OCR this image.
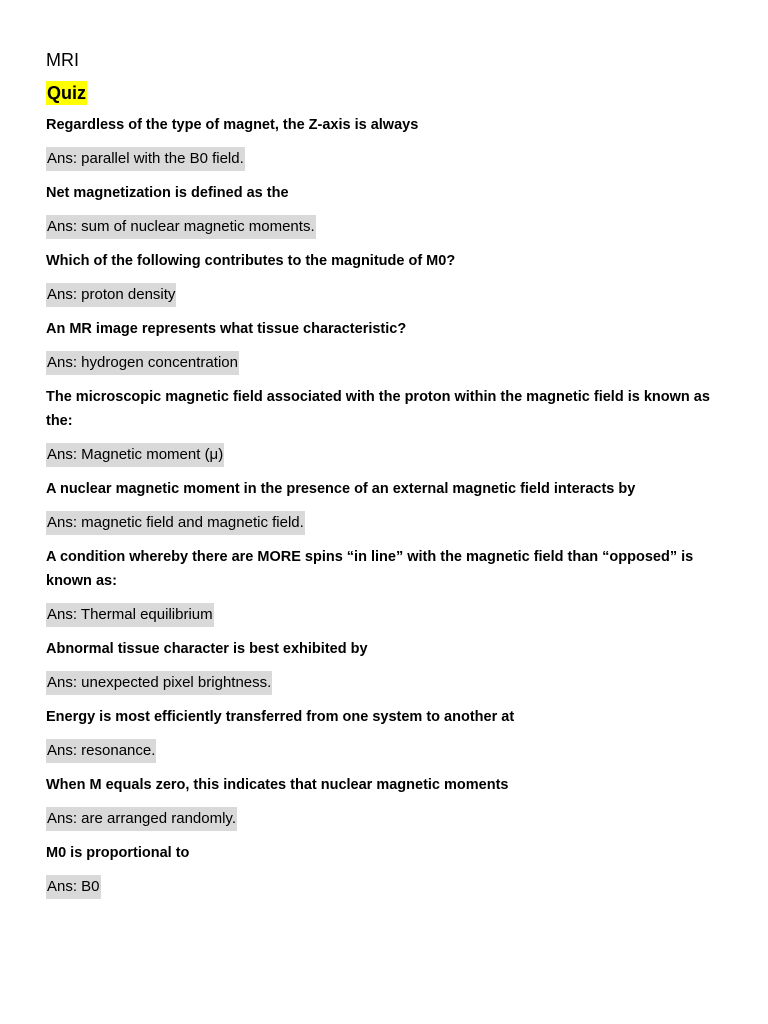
MRI
Quiz
Regardless of the type of magnet, the Z-axis is always
Ans: parallel with the B0 field.
Net magnetization is defined as the
Ans: sum of nuclear magnetic moments.
Which of the following contributes to the magnitude of M0?
Ans: proton density
An MR image represents what tissue characteristic?
Ans: hydrogen concentration
The microscopic magnetic field associated with the proton within the magnetic field is known as the:
Ans: Magnetic moment (μ)
A nuclear magnetic moment in the presence of an external magnetic field interacts by
Ans: magnetic field and magnetic field.
A condition whereby there are MORE spins “in line” with the magnetic field than “opposed” is known as:
Ans: Thermal equilibrium
Abnormal tissue character is best exhibited by
Ans: unexpected pixel brightness.
Energy is most efficiently transferred from one system to another at
Ans: resonance.
When M equals zero, this indicates that nuclear magnetic moments
Ans: are arranged randomly.
M0 is proportional to
Ans: B0
